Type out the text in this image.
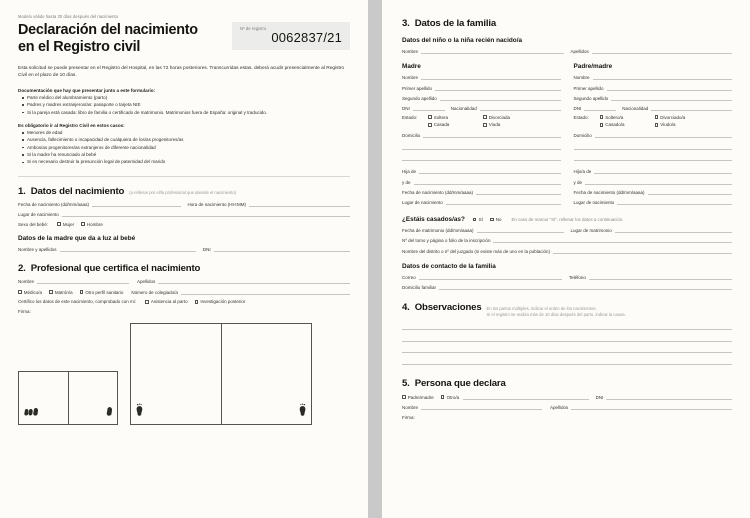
Modelo válido hasta 30 días después del nacimiento
Declaración del nacimiento
en el Registro civil
Nº de registro
0062837/21
Esta solicitud se puede presentar en el Registro del Hospital, en las 72 horas posteriores. Transcurridas estas, deberá acudir presencialmente al Registro Civil en el plazo de 10 días.
Documentación que hay que presentar junto a este formulario:
Parte médico del alumbramiento (parto)
Padres y madres extranjeros/as: pasaporte o tarjeta NIE
Si la pareja está casada: libro de familia o certificado de matrimonio. Matrimonios fuera de España: original y traducido.
Es obligatorio ir al Registro Civil en estos casos:
Menores de edad
Ausencia, fallecimiento o incapacidad de cualquiera de los/as progenitores/as
Ambos/as progenitores/as extranjeros de diferente nacionalidad
Si la madre ha renunciado al bebé
Si es necesario destruir la presunción legal de paternidad del marido
1. Datos del nacimiento (a rellenar por el/la profesional que atiende el nacimiento)
Fecha de nacimiento (dd/mm/aaaa)	Hora de nacimiento (HH:MM)
Lugar de nacimiento
Sexo del bebé:	Mujer	Hombre
Datos de la madre que da a luz al bebé
Nombre y apellidos	DNI
2. Profesional que certifica el nacimiento
Nombre	Apellidos
Médico/a	Matrón/a	Otro perfil sanitario Número de colegiado/a
Certifico los datos de este nacimiento, comprobado con mi:	Asistencia al parto	Investigación posterior
Firma:
3. Datos de la familia
Datos del niño o la niña recién nacido/a
Nombre	Apellidos
Madre
Nombre
Primer apellido
Segundo apellido
DNI	Nacionalidad
Estado:	Soltera	Divorciada
Casada	Viuda
Domicilio
Hija de
y de
Fecha de nacimiento (dd/mm/aaaa)
Lugar de nacimiento
Padre/madre
Nombre
Primer apellido
Segundo apellido
DNI	Nacionalidad
Estado:	Soltero/a	Divorciado/a
Casado/a	Viudo/a
Domicilio
Hijo/a de
y de
Fecha de nacimiento (dd/mm/aaaa)
Lugar de nacimiento
¿Estáis casados/as?	Sí	No En caso de marcar "Sí", rellenar los datos a continuación.
Fecha de matrimonio (dd/mm/aaaa)	Lugar de matrimonio
Nº del tomo y página o folio de la inscripción
Nombre del distrito o nº del juzgado (si existe más de uno en la población)
Datos de contacto de la familia
Correo	Teléfono
Domicilio familiar
4. Observaciones En los partos múltiples, indicar el orden de los nacimientos.
Si el registro se realiza más de 10 días después del parto, indicar la causa.
5. Persona que declara
Padre/madre	Otro/a	DNI
Nombre	Apellidos
Firma:
